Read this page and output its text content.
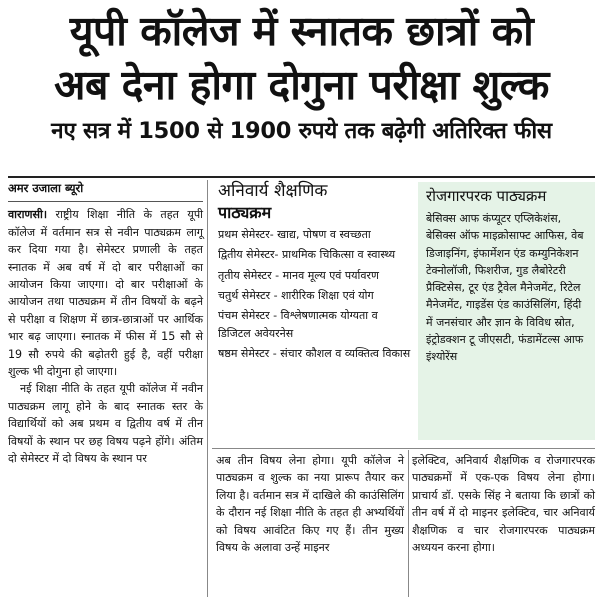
यूपी कॉलेज में स्नातक छात्रों को
अब देना होगा दोगुना परीक्षा शुल्क
नए सत्र में 1500 से 1900 रुपये तक बढ़ेगी अतिरिक्त फीस
अमर उजाला ब्यूरो

वाराणसी। राष्ट्रीय शिक्षा नीति के तहत यूपी कॉलेज में वर्तमान सत्र से नवीन पाठ्यक्रम लागू कर दिया गया है। सेमेस्टर प्रणाली के तहत स्नातक में अब वर्ष में दो बार परीक्षाओं का आयोजन किया जाएगा। दो बार परीक्षाओं के आयोजन तथा पाठ्यक्रम में तीन विषयों के बढ़ने से परीक्षा व शिक्षण में छात्र-छात्राओं पर आर्थिक भार बढ़ जाएगा। स्नातक में फीस में 15 सौ से 19 सौ रुपये की बढ़ोतरी हुई है, वहीं परीक्षा शुल्क भी दोगुना हो जाएगा।

नई शिक्षा नीति के तहत यूपी कॉलेज में नवीन पाठ्यक्रम लागू होने के बाद स्नातक स्तर के विद्यार्थियों को अब प्रथम व द्वितीय वर्ष में तीन विषयों के स्थान पर छह विषय पढ़ने होंगे। अंतिम दो सेमेस्टर में दो विषय के स्थान पर

अनिवार्य शैक्षणिक
पाठ्यक्रम
प्रथम सेमेस्टर- खाद्य, पोषण व स्वच्छता
द्वितीय सेमेस्टर- प्राथमिक चिकित्सा व स्वास्थ्य
तृतीय सेमेस्टर - मानव मूल्य एवं पर्यावरण
चतुर्थ सेमेस्टर - शारीरिक शिक्षा एवं योग
पंचम सेमेस्टर - विश्लेषणात्मक योग्यता व डिजिटल अवेयरनेस
षष्ठम सेमेस्टर - संचार कौशल व व्यक्तित्व विकास
रोजगारपरक पाठ्यक्रम

बेसिक्स आफ कंप्यूटर एप्लिकेशंस, बेसिक्स ऑफ माइक्रोसाफ्ट आफिस, वेब डिजाइनिंग, इंफार्मेशन एंड कम्युनिकेशन टेक्नोलॉजी, फिशरीज, गुड लैबोरेटरी प्रैक्टिसेस, टूर एंड ट्रैवेल मैनेजमेंट, रिटेल मैनेजमेंट, गाइडेंस एंड काउंसिलिंग, हिंदी में जनसंचार और ज्ञान के विविध स्रोत, इंट्रोडक्शन टू जीएसटी, फंडामेंटल्स आफ इंश्योरेंस

अब तीन विषय लेना होगा। यूपी कॉलेज ने पाठ्यक्रम व शुल्क का नया प्रारूप तैयार कर लिया है। वर्तमान सत्र में दाखिले की काउंसिलिंग के दौरान नई शिक्षा नीति के तहत ही अभ्यर्थियों को विषय आवंटित किए गए हैं। तीन मुख्य विषय के अलावा उन्हें माइनर

इलेक्टिव, अनिवार्य शैक्षणिक व रोजगारपरक पाठ्यक्रमों में एक-एक विषय लेना होगा। प्राचार्य डॉ. एसके सिंह ने बताया कि छात्रों को तीन वर्ष में दो माइनर इलेक्टिव, चार अनिवार्य शैक्षणिक व चार रोजगारपरक पाठ्यक्रम अध्ययन करना होगा।
